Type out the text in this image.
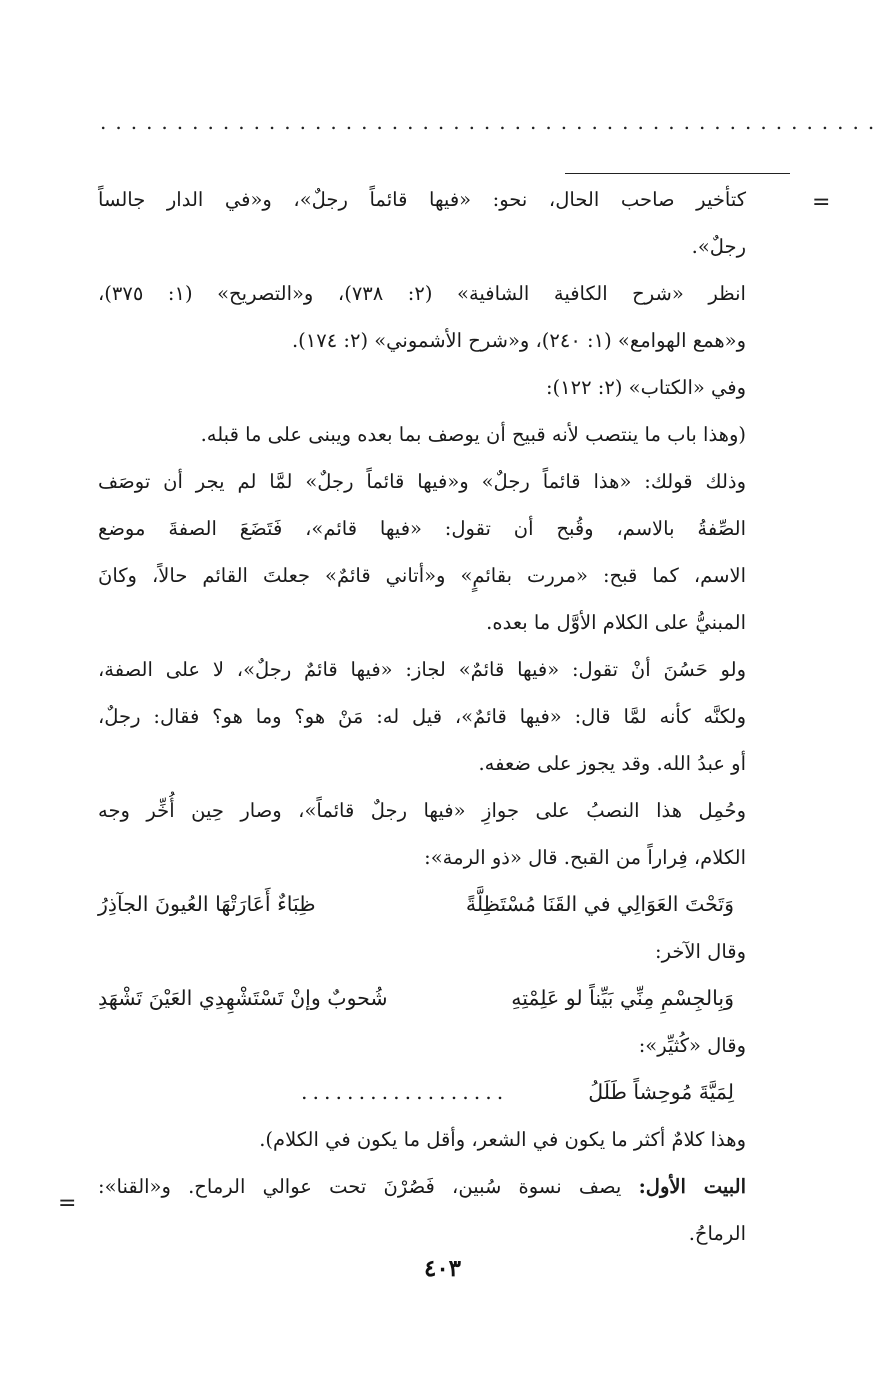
...................................................
=
كتأخير صاحب الحال، نحو: «فيها قائماً رجلٌ»، و«في الدار جالساً
رجلٌ».
انظر «شرح الكافية الشافية» (٢: ٧٣٨)، و«التصريح» (١: ٣٧٥)،
و«همع الهوامع» (١: ٢٤٠)، و«شرح الأشموني» (٢: ١٧٤).
وفي «الكتاب» (٢: ١٢٢):
(وهذا باب ما ينتصب لأنه قبيح أن يوصف بما بعده ويبنى على ما قبله.
وذلك قولك: «هذا قائماً رجلٌ» و«فيها قائماً رجلٌ» لمَّا لم يجر أن توصَف
الصِّفةُ بالاسم، وقُبح أن تقول: «فيها قائم»، فَتَضَعَ الصفةَ موضع
الاسم، كما قبح: «مررت بقائمٍ» و«أتاني قائمٌ» جعلتَ القائم حالاً، وكانَ
المبنيُّ على الكلام الأوَّل ما بعده.
ولو حَسُنَ أنْ تقول: «فيها قائمٌ» لجاز: «فيها قائمٌ رجلٌ»، لا على الصفة،
ولكنَّه كأنه لمَّا قال: «فيها قائمٌ»، قيل له: مَنْ هو؟ وما هو؟ فقال: رجلٌ،
أو عبدُ الله. وقد يجوز على ضعفه.
وحُمِل هذا النصبُ على جوازِ «فيها رجلٌ قائماً»، وصار حِين أُخِّر وجه
الكلام، فِراراً من القبح. قال «ذو الرمة»:
وَتَحْتَ العَوَالِي في القَنَا مُسْتَظِلَّةً
ظِبَاءٌ أَعَارَتْهَا العُيونَ الجآذِرُ
وقال الآخر:
وَبِالجِسْمِ مِنِّي بَيِّناً لو عَلِمْتِهِ
شُحوبٌ وإنْ تَسْتَشْهِدِي العَيْنَ تَشْهَدِ
وقال «كُثيِّر»:
لِمَيَّةَ مُوحِشاً طَلَلُ
..................
وهذا كلامٌ أكثر ما يكون في الشعر، وأقل ما يكون في الكلام).
البيت الأول: يصف نسوة سُبين، فَصُرْنَ تحت عوالي الرماح. و«القنا»:
الرماحُ.
=
٤٠٣
